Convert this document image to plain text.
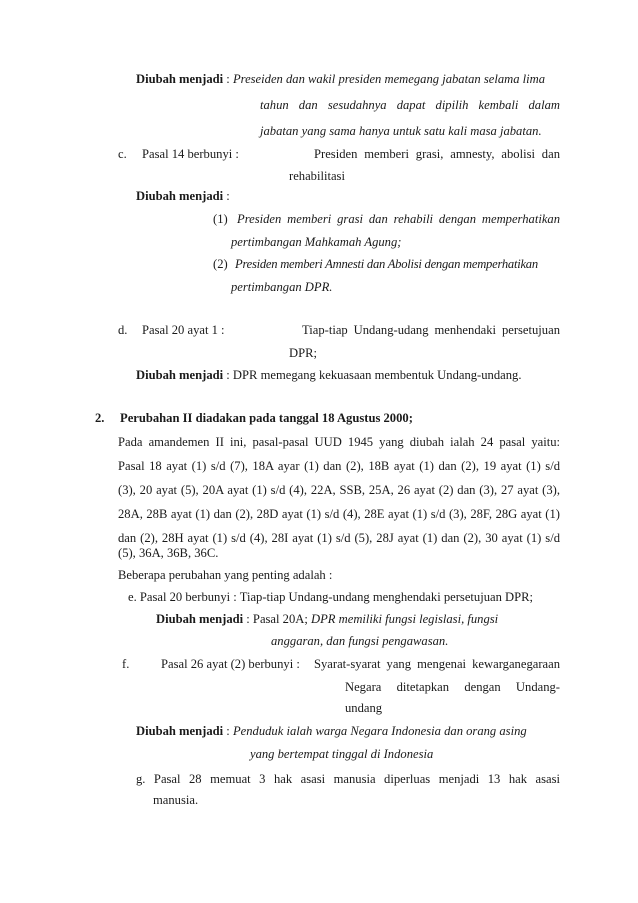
Diubah menjadi : Preseiden dan wakil presiden memegang jabatan selama lima
tahun dan sesudahnya dapat dipilih kembali dalam
jabatan yang sama hanya untuk satu kali masa jabatan.
c. Pasal 14 berbunyi :	Presiden memberi grasi, amnesty, abolisi dan
rehabilitasi
Diubah menjadi :
(1) Presiden memberi grasi dan rehabili dengan memperhatikan
pertimbangan Mahkamah Agung;
(2) Presiden memberi Amnesti dan Abolisi dengan memperhatikan
pertimbangan DPR.
d. Pasal 20 ayat 1 :	Tiap-tiap Undang-udang menhendaki persetujuan
DPR;
Diubah menjadi : DPR memegang kekuasaan membentuk Undang-undang.
2. Perubahan II diadakan pada tanggal 18 Agustus 2000;
Pada amandemen II ini, pasal-pasal UUD 1945 yang diubah ialah 24 pasal yaitu:
Pasal 18 ayat (1) s/d (7), 18A ayar (1) dan (2), 18B ayat (1) dan (2), 19 ayat (1) s/d
(3), 20 ayat (5), 20A ayat (1) s/d (4), 22A, SSB, 25A, 26 ayat (2) dan (3), 27 ayat (3),
28A, 28B ayat (1) dan (2), 28D ayat (1) s/d (4), 28E ayat (1) s/d (3), 28F, 28G ayat (1)
dan (2), 28H ayat (1) s/d (4), 28I ayat (1) s/d (5), 28J ayat (1) dan (2), 30 ayat (1) s/d
(5), 36A, 36B, 36C.
Beberapa perubahan yang penting adalah :
e. Pasal 20 berbunyi : Tiap-tiap Undang-undang menghendaki persetujuan DPR;
Diubah menjadi : Pasal 20A; DPR memiliki fungsi legislasi, fungsi
anggaran, dan fungsi pengawasan.
f.	Pasal 26 ayat (2) berbunyi : Syarat-syarat yang mengenai kewarganegaraan
Negara ditetapkan dengan Undang-
undang
Diubah menjadi : Penduduk ialah warga Negara Indonesia dan orang asing
yang bertempat tinggal di Indonesia
g. Pasal 28 memuat 3 hak asasi manusia diperluas menjadi 13 hak asasi
manusia.
